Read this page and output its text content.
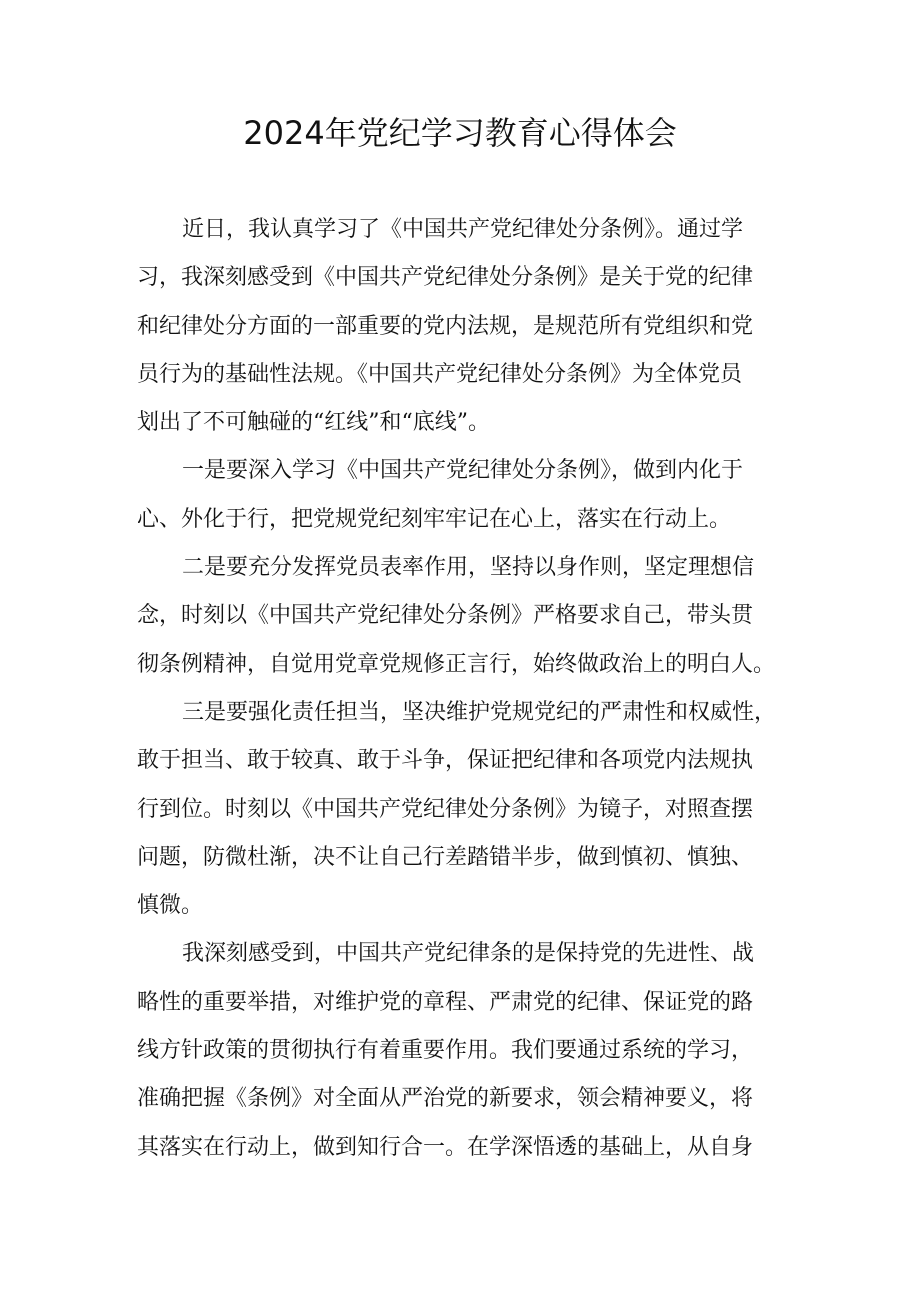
2024年党纪学习教育心得体会
近日，我认真学习了《中国共产党纪律处分条例》。通过学
习，我深刻感受到《中国共产党纪律处分条例》是关于党的纪律
和纪律处分方面的一部重要的党内法规，是规范所有党组织和党
员行为的基础性法规。《中国共产党纪律处分条例》为全体党员
划出了不可触碰的“红线”和“底线”。
一是要深入学习《中国共产党纪律处分条例》，做到内化于
心、外化于行，把党规党纪刻牢牢记在心上，落实在行动上。
二是要充分发挥党员表率作用，坚持以身作则，坚定理想信
念，时刻以《中国共产党纪律处分条例》严格要求自己，带头贯
彻条例精神，自觉用党章党规修正言行，始终做政治上的明白人。
三是要强化责任担当，坚决维护党规党纪的严肃性和权威性，
敢于担当、敢于较真、敢于斗争，保证把纪律和各项党内法规执
行到位。时刻以《中国共产党纪律处分条例》为镜子，对照查摆
问题，防微杜渐，决不让自己行差踏错半步，做到慎初、慎独、
慎微。
我深刻感受到，中国共产党纪律条的是保持党的先进性、战
略性的重要举措，对维护党的章程、严肃党的纪律、保证党的路
线方针政策的贯彻执行有着重要作用。我们要通过系统的学习，
准确把握《条例》对全面从严治党的新要求，领会精神要义，将
其落实在行动上，做到知行合一。在学深悟透的基础上，从自身
